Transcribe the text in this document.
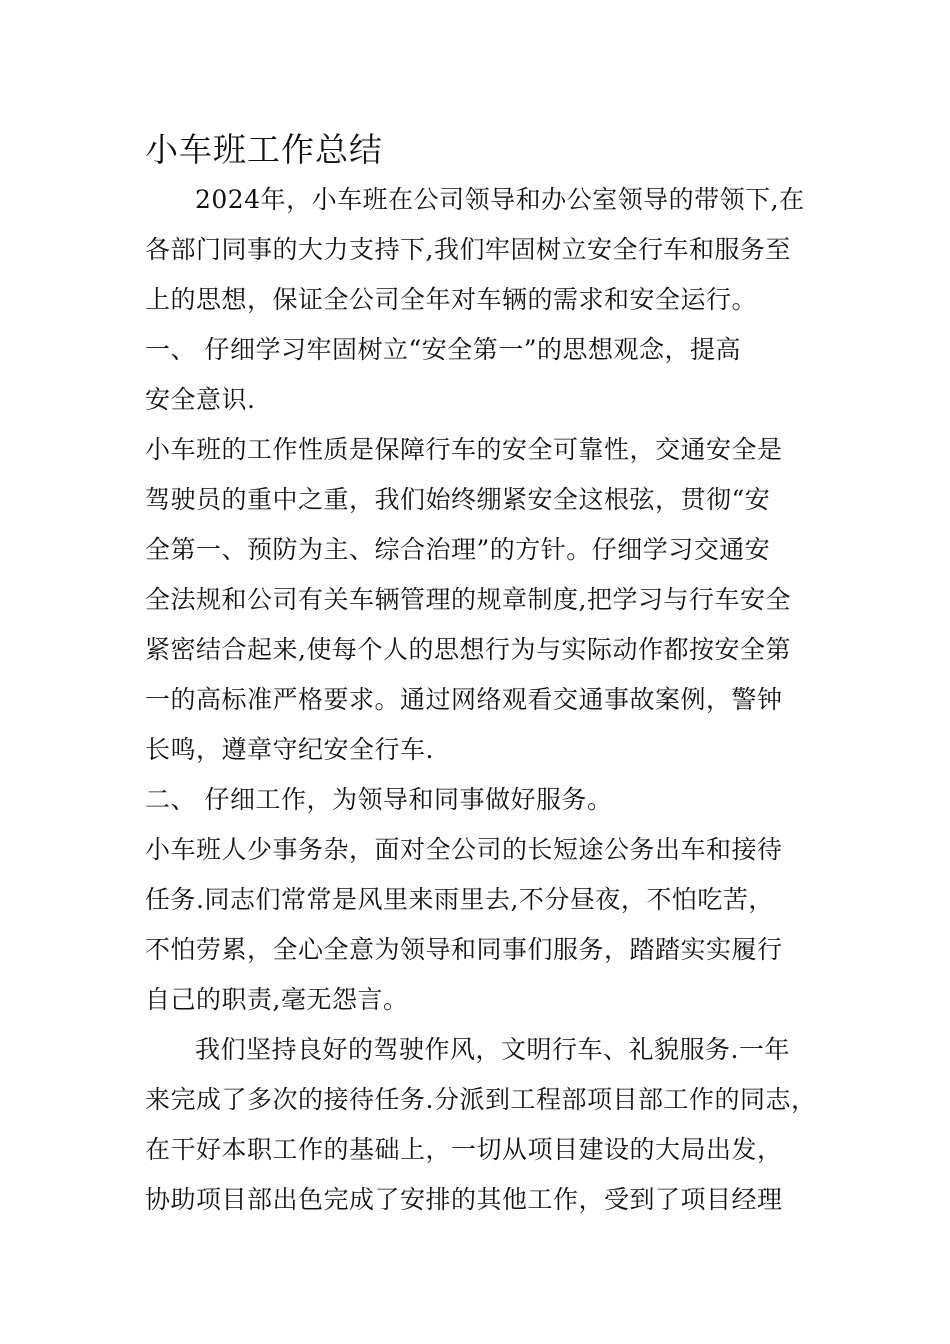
小车班工作总结
2024年，小车班在公司领导和办公室领导的带领下,在
各部门同事的大力支持下,我们牢固树立安全行车和服务至
上的思想，保证全公司全年对车辆的需求和安全运行。
一、 仔细学习牢固树立“安全第一”的思想观念，提高
安全意识.
小车班的工作性质是保障行车的安全可靠性，交通安全是
驾驶员的重中之重，我们始终绷紧安全这根弦，贯彻“安
全第一、预防为主、综合治理”的方针。仔细学习交通安
全法规和公司有关车辆管理的规章制度,把学习与行车安全
紧密结合起来,使每个人的思想行为与实际动作都按安全第
一的高标准严格要求。通过网络观看交通事故案例，警钟
长鸣，遵章守纪安全行车.
二、 仔细工作，为领导和同事做好服务。
小车班人少事务杂，面对全公司的长短途公务出车和接待
任务.同志们常常是风里来雨里去,不分昼夜，不怕吃苦，
不怕劳累，全心全意为领导和同事们服务，踏踏实实履行
自己的职责,毫无怨言。
我们坚持良好的驾驶作风，文明行车、礼貌服务.一年
来完成了多次的接待任务.分派到工程部项目部工作的同志，
在干好本职工作的基础上，一切从项目建设的大局出发，
协助项目部出色完成了安排的其他工作，受到了项目经理
